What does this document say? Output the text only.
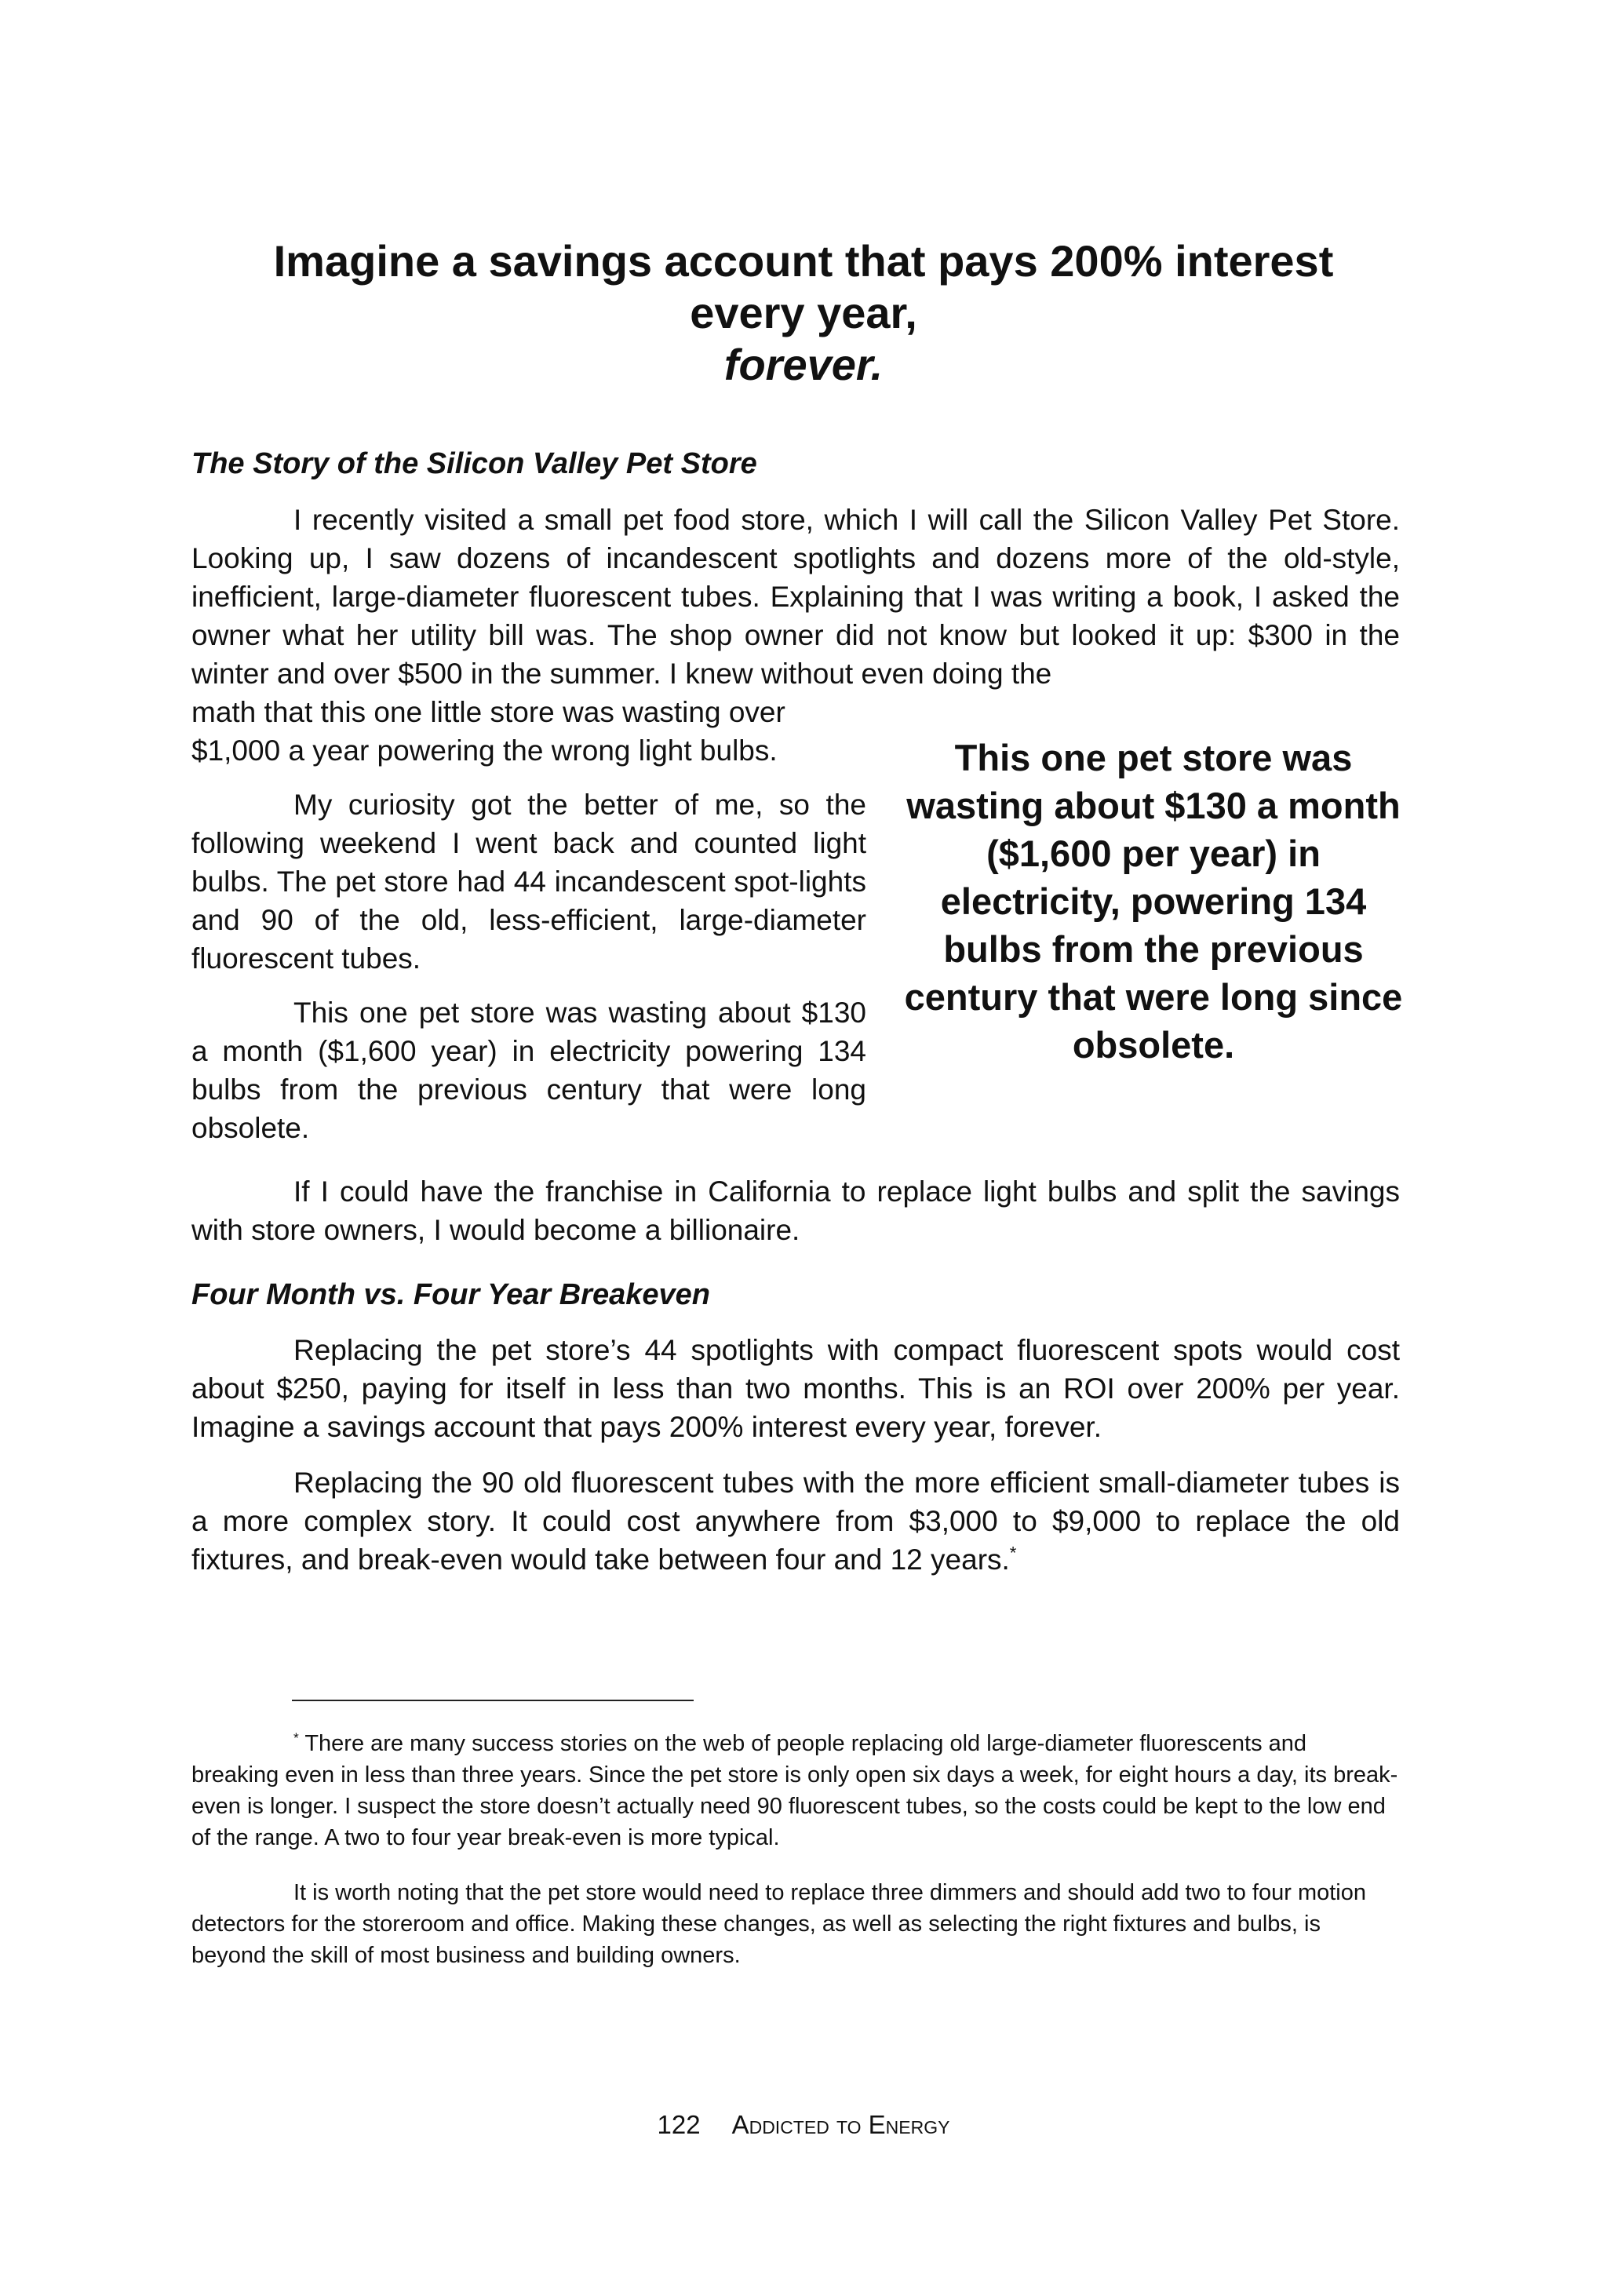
Imagine a savings account that pays 200% interest
every year,
forever.
The Story of the Silicon Valley Pet Store

I recently visited a small pet food store, which I will call the Silicon Valley Pet Store. Looking up, I saw dozens of incandescent spotlights and dozens more of the old-style, inefficient, large-diameter fluorescent tubes. Explaining that I was writing a book, I asked the owner what her utility bill was. The shop owner did not know but looked it up: $300 in the winter and over $500 in the summer. I knew without even doing the

math that this one little store was wasting over $1,000 a year powering the wrong light bulbs.

My curiosity got the better of me, so the following weekend I went back and counted light bulbs. The pet store had 44 incandescent spot-lights and 90 of the old, less-efficient, large-diameter fluorescent tubes.

This one pet store was wasting about $130 a month ($1,600 year) in electricity powering 134 bulbs from the previous century that were long obsolete.

This one pet store was wasting about $130 a month ($1,600 per year) in electricity, powering 134 bulbs from the previous century that were long since obsolete.

If I could have the franchise in California to replace light bulbs and split the savings with store owners, I would become a billionaire.

Four Month vs. Four Year Breakeven

Replacing the pet store’s 44 spotlights with compact fluorescent spots would cost about $250, paying for itself in less than two months. This is an ROI over 200% per year. Imagine a savings account that pays 200% interest every year, forever.

Replacing the 90 old fluorescent tubes with the more efficient small-diameter tubes is a more complex story. It could cost anywhere from $3,000 to $9,000 to replace the old fixtures, and break-even would take between four and 12 years.*

* There are many success stories on the web of people replacing old large-diameter fluorescents and breaking even in less than three years. Since the pet store is only open six days a week, for eight hours a day, its break-even is longer. I suspect the store doesn’t actually need 90 fluorescent tubes, so the costs could be kept to the low end of the range. A two to four year break-even is more typical.

It is worth noting that the pet store would need to replace three dimmers and should add two to four motion detectors for the storeroom and office. Making these changes, as well as selecting the right fixtures and bulbs, is beyond the skill of most business and building owners.

122 Addicted to Energy
